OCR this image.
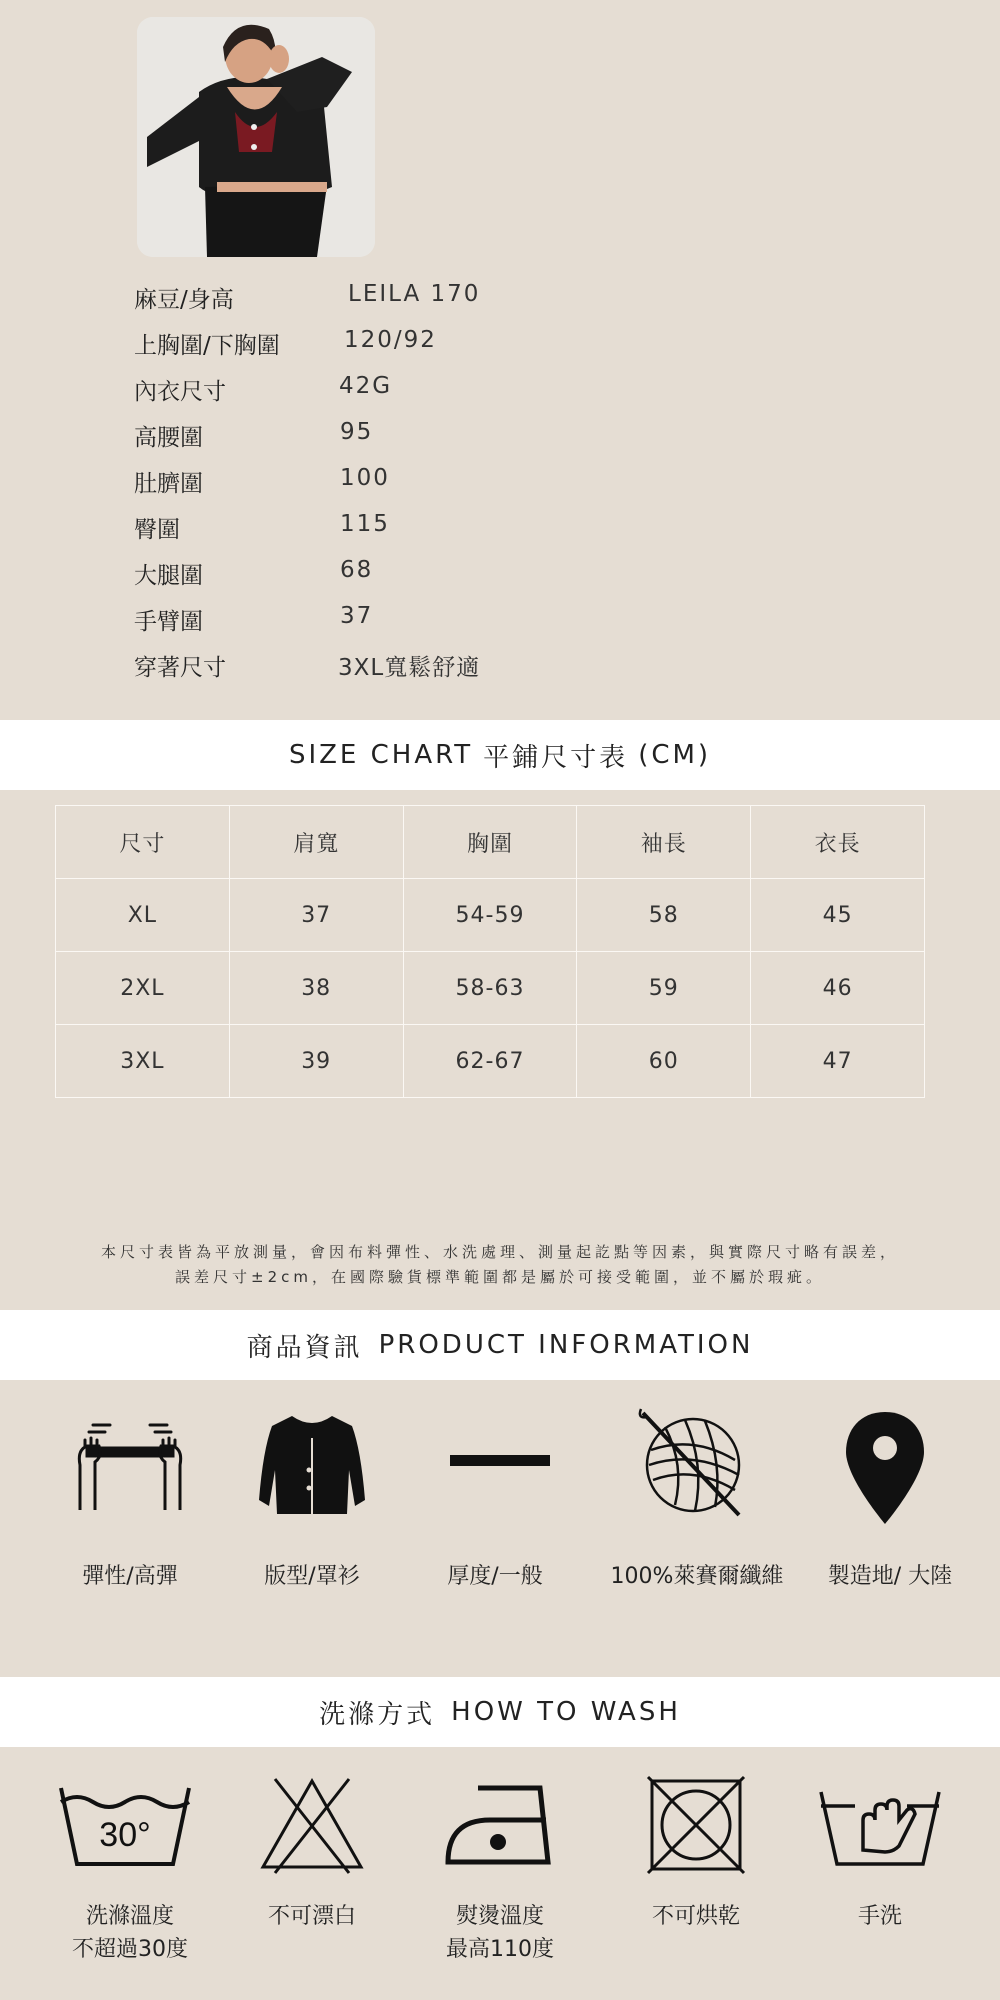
麻豆/身高	LEILA 170
上胸圍/下胸圍	120/92
內衣尺寸	42G
高腰圍	95
肚臍圍	100
臀圍	115
大腿圍	68
手臂圍	37
穿著尺寸	3XL寬鬆舒適
SIZE CHART 平鋪尺寸表 (CM)
尺寸	肩寬	胸圍	袖長	衣長
XL	37	54-59	58	45
2XL	38	58-63	59	46
3XL	39	62-67	60	47
本尺寸表皆為平放測量，會因布料彈性、水洗處理、測量起訖點等因素，與實際尺寸略有誤差，
誤差尺寸±2cm，在國際驗貨標準範圍都是屬於可接受範圍，並不屬於瑕疵。
商品資訊 PRODUCT INFORMATION
彈性/高彈	版型/罩衫	厚度/一般	100%萊賽爾纖維	製造地/ 大陸
洗滌方式 HOW TO WASH
30°
洗滌溫度
不超過30度
不可漂白	熨燙溫度
最高110度
不可烘乾	手洗
